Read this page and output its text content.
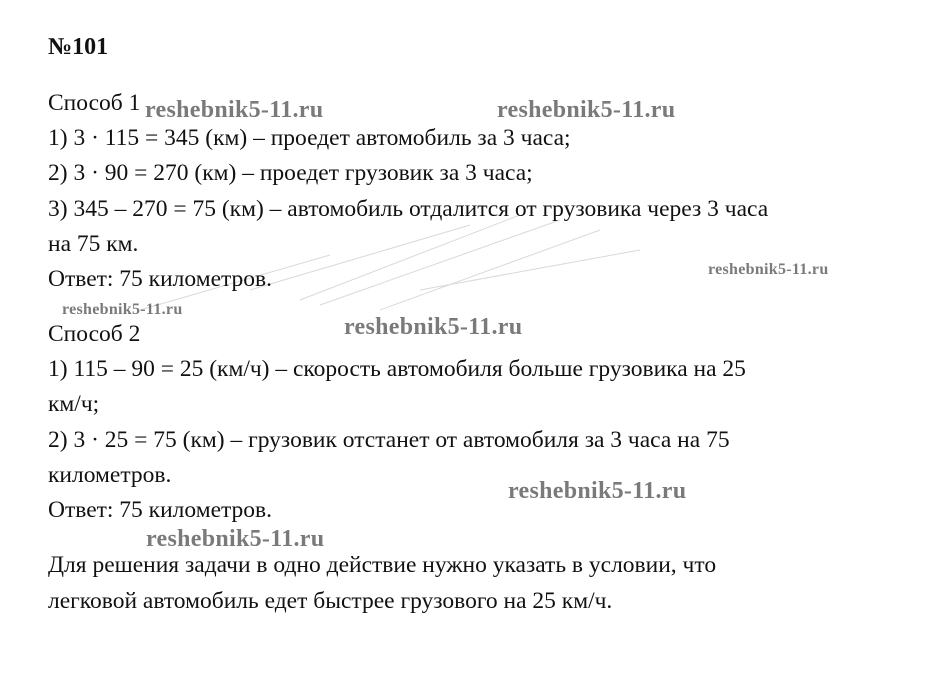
№101
Способ 1
1) 3 · 115 = 345 (км) – проедет автомобиль за 3 часа;
2) 3 · 90 = 270 (км) – проедет грузовик за 3 часа;
3) 345 – 270 = 75 (км) – автомобиль отдалится от грузовика через 3 часа
на 75 км.
Ответ: 75 километров.
Способ 2
1) 115 – 90 = 25 (км/ч) – скорость автомобиля больше грузовика на 25
км/ч;
2) 3 · 25 = 75 (км) – грузовик отстанет от автомобиля за 3 часа на 75
километров.
Ответ: 75 километров.
Для решения задачи в одно действие нужно указать в условии, что
легковой автомобиль едет быстрее грузового на 25 км/ч.
reshebnik5-11.ru	reshebnik5-11.ru
reshebnik5-11.ru
reshebnik5-11.ru
reshebnik5-11.ru
reshebnik5-11.ru
reshebnik5-11.ru
